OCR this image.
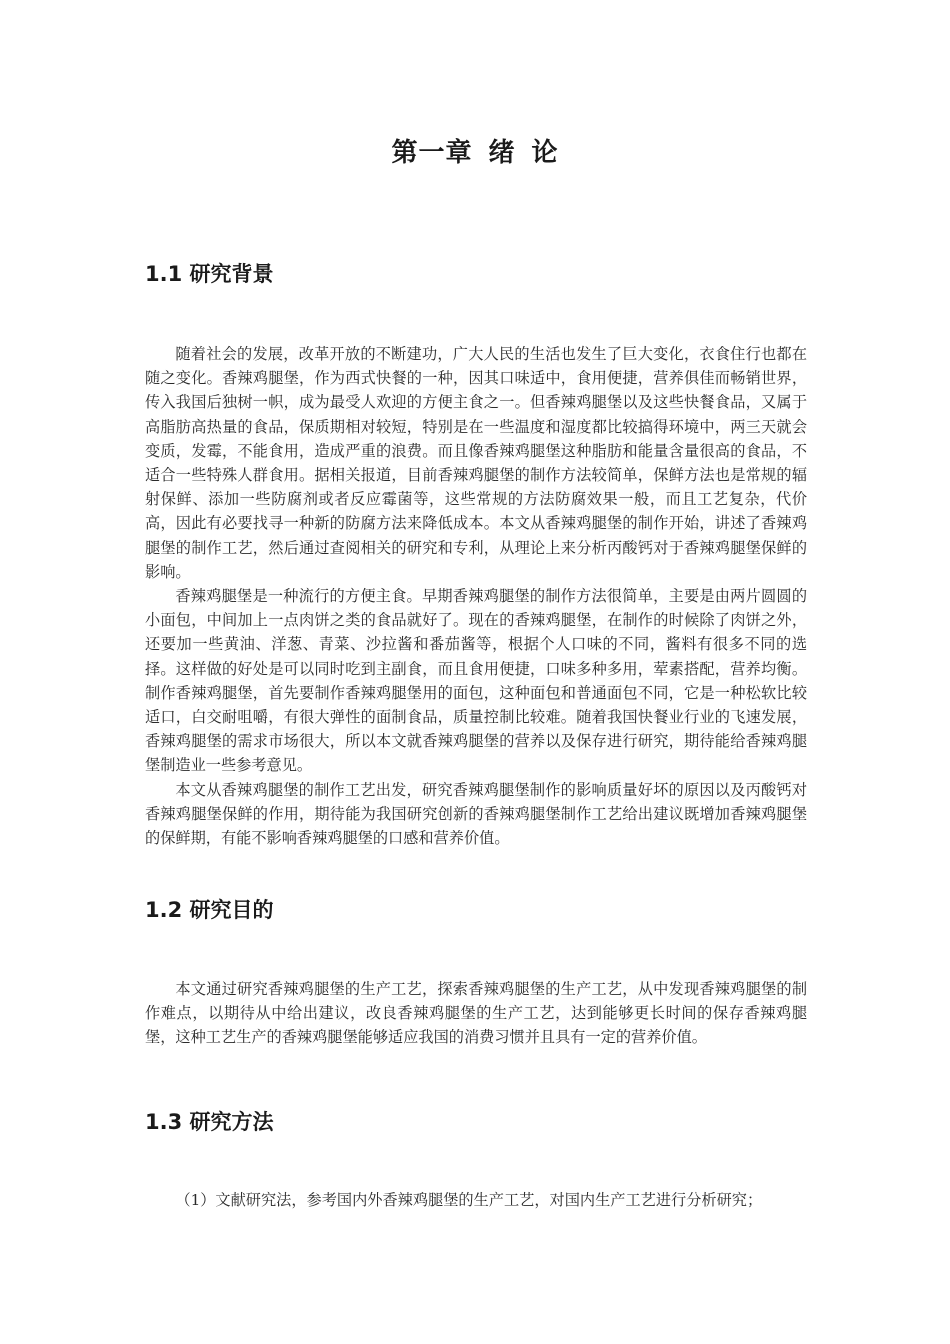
第一章 绪 论
1.1 研究背景

随着社会的发展，改革开放的不断建功，广大人民的生活也发生了巨大变化，衣食住行也都在随之变化。香辣鸡腿堡，作为西式快餐的一种，因其口味适中，食用便捷，营养俱佳而畅销世界，传入我国后独树一帜，成为最受人欢迎的方便主食之一。但香辣鸡腿堡以及这些快餐食品，又属于高脂肪高热量的食品，保质期相对较短，特别是在一些温度和湿度都比较搞得环境中，两三天就会变质，发霉，不能食用，造成严重的浪费。而且像香辣鸡腿堡这种脂肪和能量含量很高的食品，不适合一些特殊人群食用。据相关报道，目前香辣鸡腿堡的制作方法较简单，保鲜方法也是常规的辐射保鲜、添加一些防腐剂或者反应霉菌等，这些常规的方法防腐效果一般，而且工艺复杂，代价高，因此有必要找寻一种新的防腐方法来降低成本。本文从香辣鸡腿堡的制作开始，讲述了香辣鸡腿堡的制作工艺，然后通过查阅相关的研究和专利，从理论上来分析丙酸钙对于香辣鸡腿堡保鲜的影响。

香辣鸡腿堡是一种流行的方便主食。早期香辣鸡腿堡的制作方法很简单，主要是由两片圆圆的小面包，中间加上一点肉饼之类的食品就好了。现在的香辣鸡腿堡，在制作的时候除了肉饼之外，还要加一些黄油、洋葱、青菜、沙拉酱和番茄酱等，根据个人口味的不同，酱料有很多不同的选择。这样做的好处是可以同时吃到主副食，而且食用便捷，口味多种多用，荤素搭配，营养均衡。制作香辣鸡腿堡，首先要制作香辣鸡腿堡用的面包，这种面包和普通面包不同，它是一种松软比较适口，白交耐咀嚼，有很大弹性的面制食品，质量控制比较难。随着我国快餐业行业的飞速发展，香辣鸡腿堡的需求市场很大，所以本文就香辣鸡腿堡的营养以及保存进行研究，期待能给香辣鸡腿堡制造业一些参考意见。

本文从香辣鸡腿堡的制作工艺出发，研究香辣鸡腿堡制作的影响质量好坏的原因以及丙酸钙对香辣鸡腿堡保鲜的作用，期待能为我国研究创新的香辣鸡腿堡制作工艺给出建议既增加香辣鸡腿堡的保鲜期，有能不影响香辣鸡腿堡的口感和营养价值。

1.2 研究目的

本文通过研究香辣鸡腿堡的生产工艺，探索香辣鸡腿堡的生产工艺，从中发现香辣鸡腿堡的制作难点，以期待从中给出建议，改良香辣鸡腿堡的生产工艺，达到能够更长时间的保存香辣鸡腿堡，这种工艺生产的香辣鸡腿堡能够适应我国的消费习惯并且具有一定的营养价值。

1.3 研究方法

（1）文献研究法，参考国内外香辣鸡腿堡的生产工艺，对国内生产工艺进行分析研究；
